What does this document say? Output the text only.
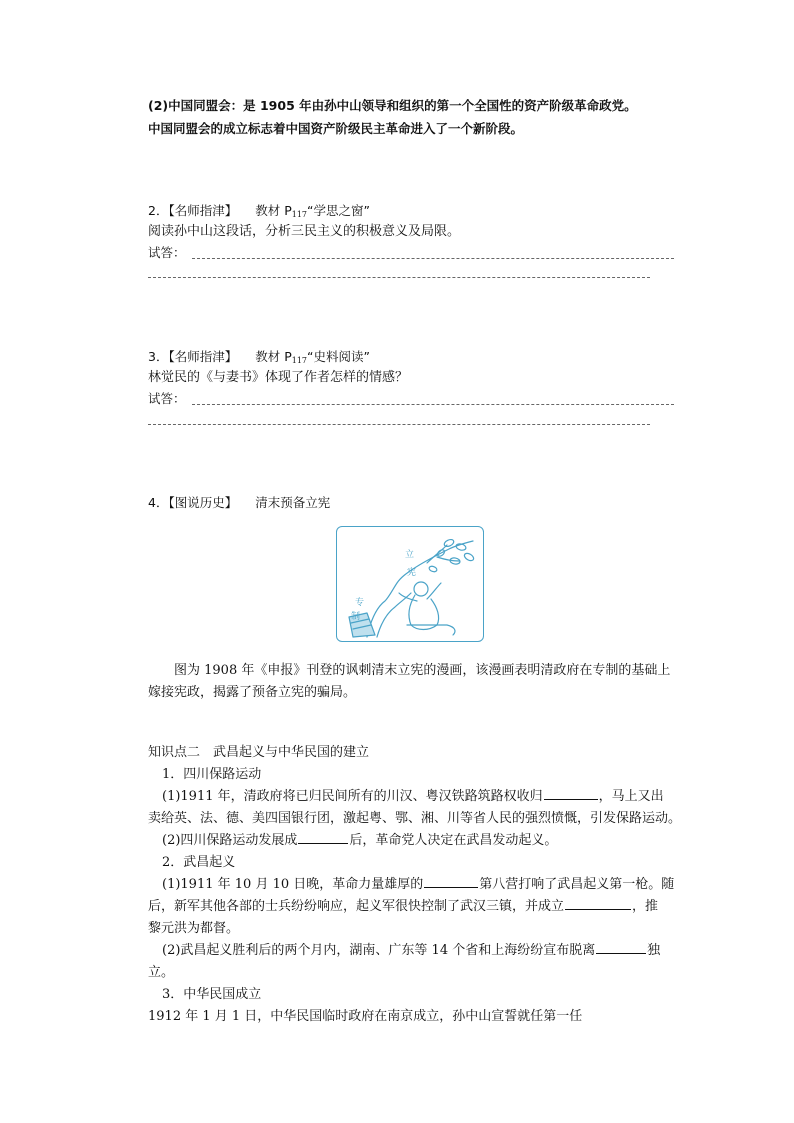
(2)中国同盟会：是 1905 年由孙中山领导和组织的第一个全国性的资产阶级革命政党。
中国同盟会的成立标志着中国资产阶级民主革命进入了一个新阶段。
2．【名师指津】 教材 $P_{117}“$学思之窗”
阅读孙中山这段话，分析三民主义的积极意义及局限。
试答：
3．【名师指津】 教材 $P_{117}“$史料阅读”
林觉民的《与妻书》体现了作者怎样的情感？
试答：
4．【图说历史】 清末预备立宪
立
宪
专
制
图为 1908 年《申报》刊登的讽刺清末立宪的漫画，该漫画表明清政府在专制的基础上
嫁接宪政，揭露了预备立宪的骗局。
知识点二　武昌起义与中华民国的建立
1．四川保路运动
(1)1911 年，清政府将已归民间所有的川汉、粤汉铁路筑路权收归	，马上又出
卖给英、法、德、美四国银行团，激起粤、鄂、湘、川等省人民的强烈愤慨，引发保路运动。
(2)四川保路运动发展成	后，革命党人决定在武昌发动起义。
2．武昌起义
(1)1911 年 10 月 10 日晚，革命力量雄厚的	第八营打响了武昌起义第一枪。随
后，新军其他各部的士兵纷纷响应，起义军很快控制了武汉三镇，并成立	，推
黎元洪为都督。
(2)武昌起义胜利后的两个月内，湖南、广东等 14 个省和上海纷纷宣布脱离	独
立。
3．中华民国成立
1912 年 1 月 1 日，中华民国临时政府在南京成立，孙中山宣誓就任第一任
